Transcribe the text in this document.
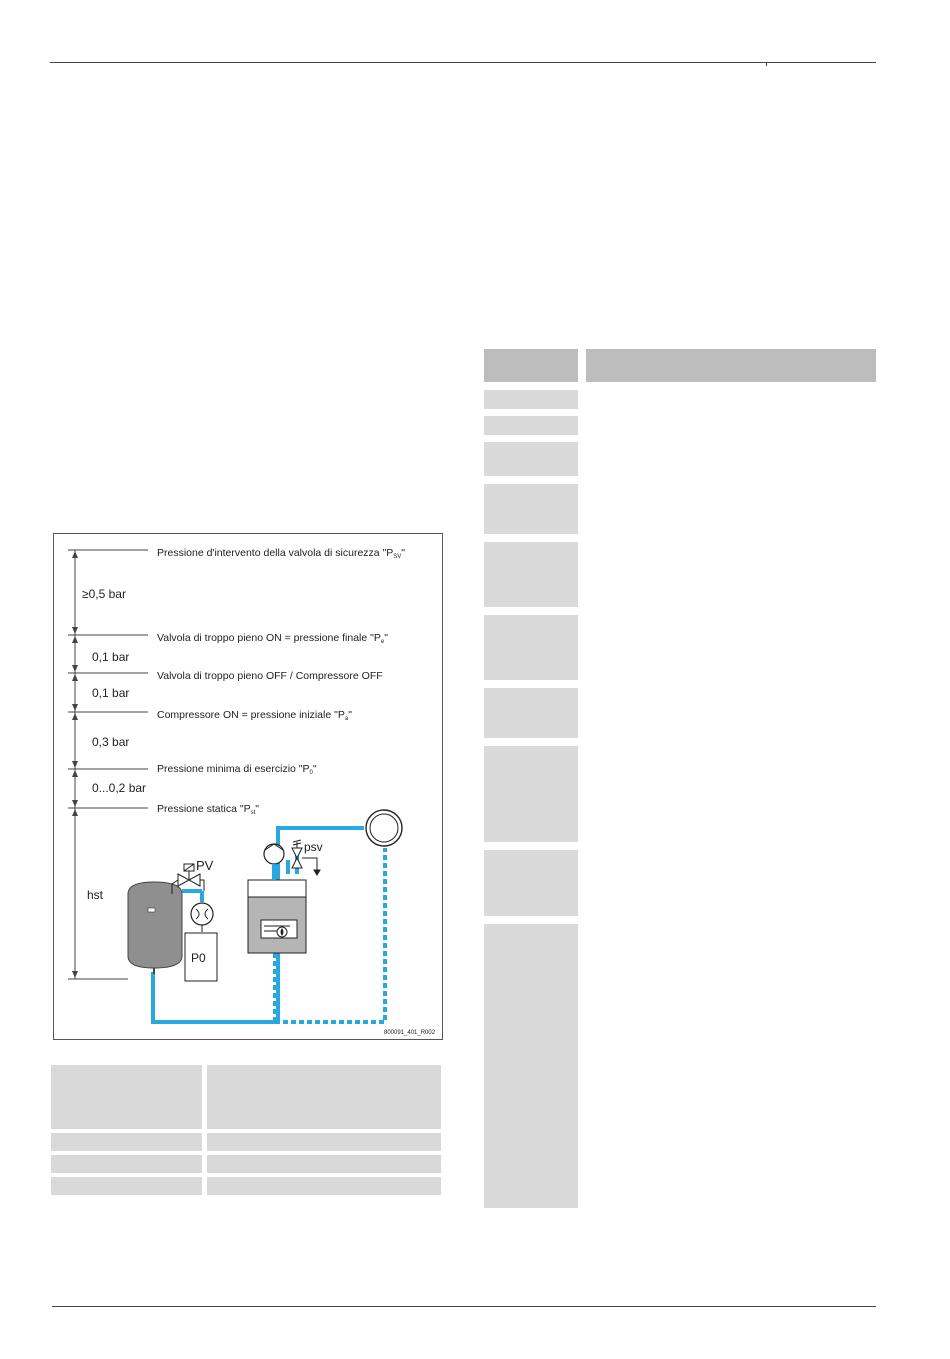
Pressione d'intervento della valvola di sicurezza "PSV"
Valvola di troppo pieno ON = pressione finale "Pe"
Valvola di troppo pieno OFF / Compressore OFF
Compressore ON = pressione iniziale "Pa"
Pressione minima di esercizio "P0"
Pressione statica "Pst"
≥0,5 bar
0,1 bar
0,1 bar
0,3 bar
0...0,2 bar
hst
PV
P0
psv
800091_401_R002
